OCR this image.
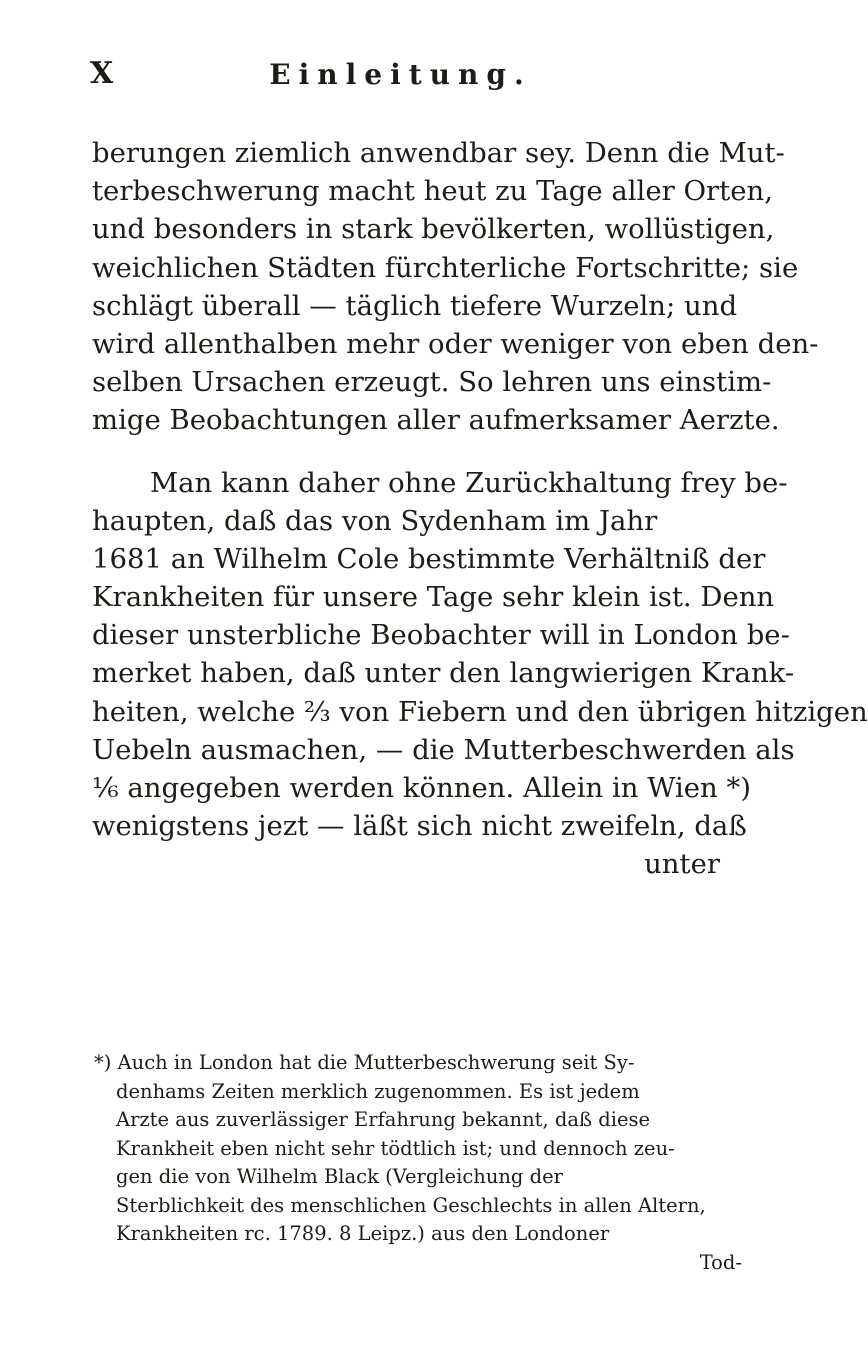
X	Einleitung.
berungen ziemlich anwendbar sey. Denn die Mut-
terbeschwerung macht heut zu Tage aller Orten,
und besonders in stark bevölkerten, wollüstigen,
weichlichen Städten fürchterliche Fortschritte; sie
schlägt überall — täglich tiefere Wurzeln; und
wird allenthalben mehr oder weniger von eben den-
selben Ursachen erzeugt. So lehren uns einstim-
mige Beobachtungen aller aufmerksamer Aerzte.
Man kann daher ohne Zurückhaltung frey be-
haupten, daß das von Sydenham im Jahr
1681 an Wilhelm Cole bestimmte Verhältniß der
Krankheiten für unsere Tage sehr klein ist. Denn
dieser unsterbliche Beobachter will in London be-
merket haben, daß unter den langwierigen Krank-
heiten, welche ⅔ von Fiebern und den übrigen hitzigen
Uebeln ausmachen, — die Mutterbeschwerden als
⅙ angegeben werden können. Allein in Wien *)
wenigstens jezt — läßt sich nicht zweifeln, daß
unter
*) Auch in London hat die Mutterbeschwerung seit Sy-
denhams Zeiten merklich zugenommen. Es ist jedem
Arzte aus zuverlässiger Erfahrung bekannt, daß diese
Krankheit eben nicht sehr tödtlich ist; und dennoch zeu-
gen die von Wilhelm Black (Vergleichung der
Sterblichkeit des menschlichen Geschlechts in allen Altern,
Krankheiten rc. 1789. 8 Leipz.) aus den Londoner
Tod-
